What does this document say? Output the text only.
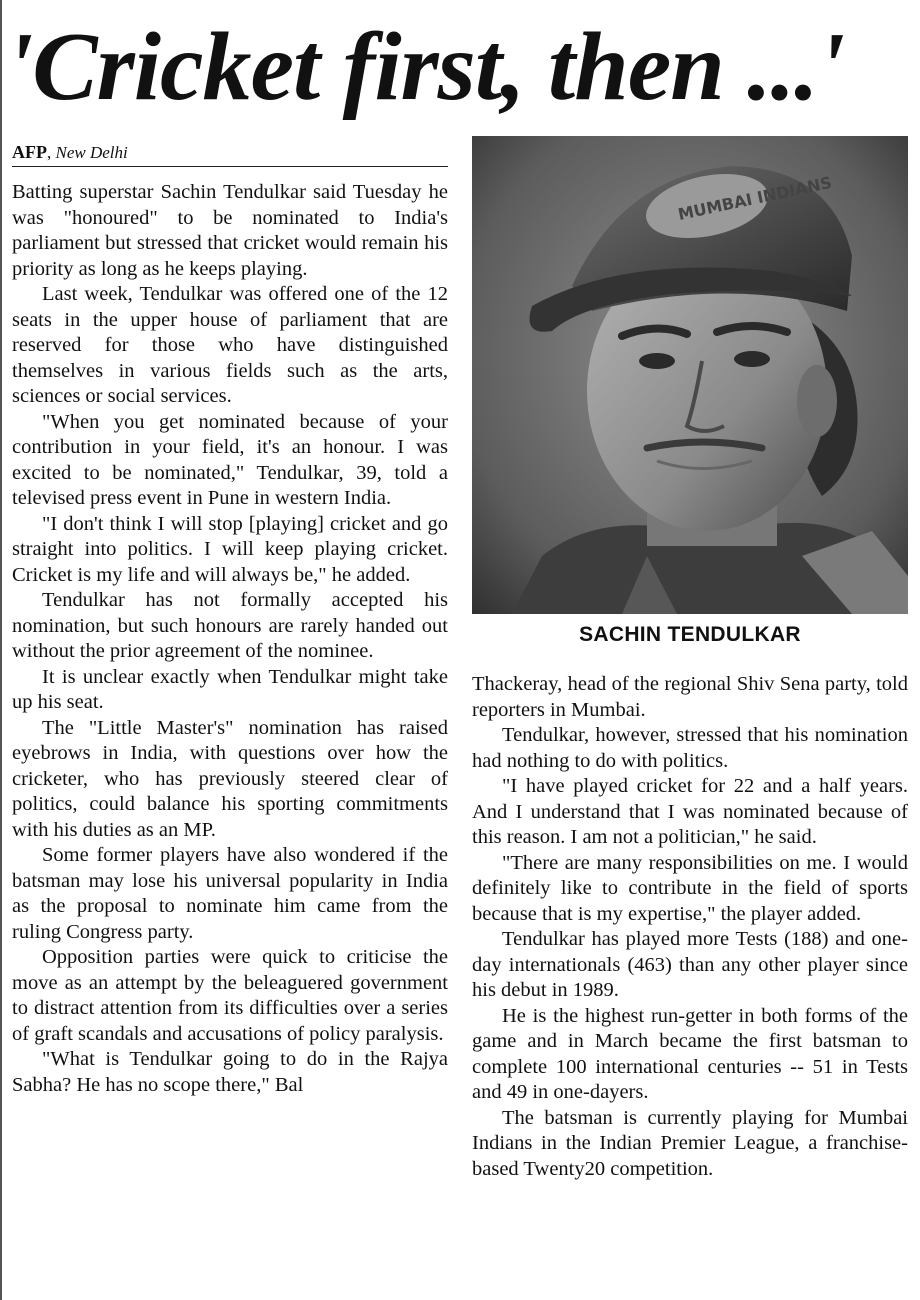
'Cricket first, then ...'
AFP, New Delhi

Batting superstar Sachin Tendulkar said Tuesday he was "honoured" to be nominated to India's parliament but stressed that cricket would remain his priority as long as he keeps playing.

Last week, Tendulkar was offered one of the 12 seats in the upper house of parliament that are reserved for those who have distinguished themselves in various fields such as the arts, sciences or social services.

"When you get nominated because of your contribution in your field, it's an honour. I was excited to be nominated," Tendulkar, 39, told a televised press event in Pune in western India.

"I don't think I will stop [playing] cricket and go straight into politics. I will keep playing cricket. Cricket is my life and will always be," he added.

Tendulkar has not formally accepted his nomination, but such honours are rarely handed out without the prior agreement of the nominee.

It is unclear exactly when Tendulkar might take up his seat.

The "Little Master's" nomination has raised eyebrows in India, with questions over how the cricketer, who has previously steered clear of politics, could balance his sporting commitments with his duties as an MP.

Some former players have also wondered if the batsman may lose his universal popularity in India as the proposal to nominate him came from the ruling Congress party.

Opposition parties were quick to criticise the move as an attempt by the beleaguered government to distract attention from its difficulties over a series of graft scandals and accusations of policy paralysis.

"What is Tendulkar going to do in the Rajya Sabha? He has no scope there," Bal

MUMBAI INDIANS
SACHIN TENDULKAR

Thackeray, head of the regional Shiv Sena party, told reporters in Mumbai.

Tendulkar, however, stressed that his nomination had nothing to do with politics.

"I have played cricket for 22 and a half years. And I understand that I was nominated because of this reason. I am not a politician," he said.

"There are many responsibilities on me. I would definitely like to contribute in the field of sports because that is my expertise," the player added.

Tendulkar has played more Tests (188) and one-day internationals (463) than any other player since his debut in 1989.

He is the highest run-getter in both forms of the game and in March became the first batsman to complete 100 international centuries -- 51 in Tests and 49 in one-dayers.

The batsman is currently playing for Mumbai Indians in the Indian Premier League, a franchise-based Twenty20 competition.
